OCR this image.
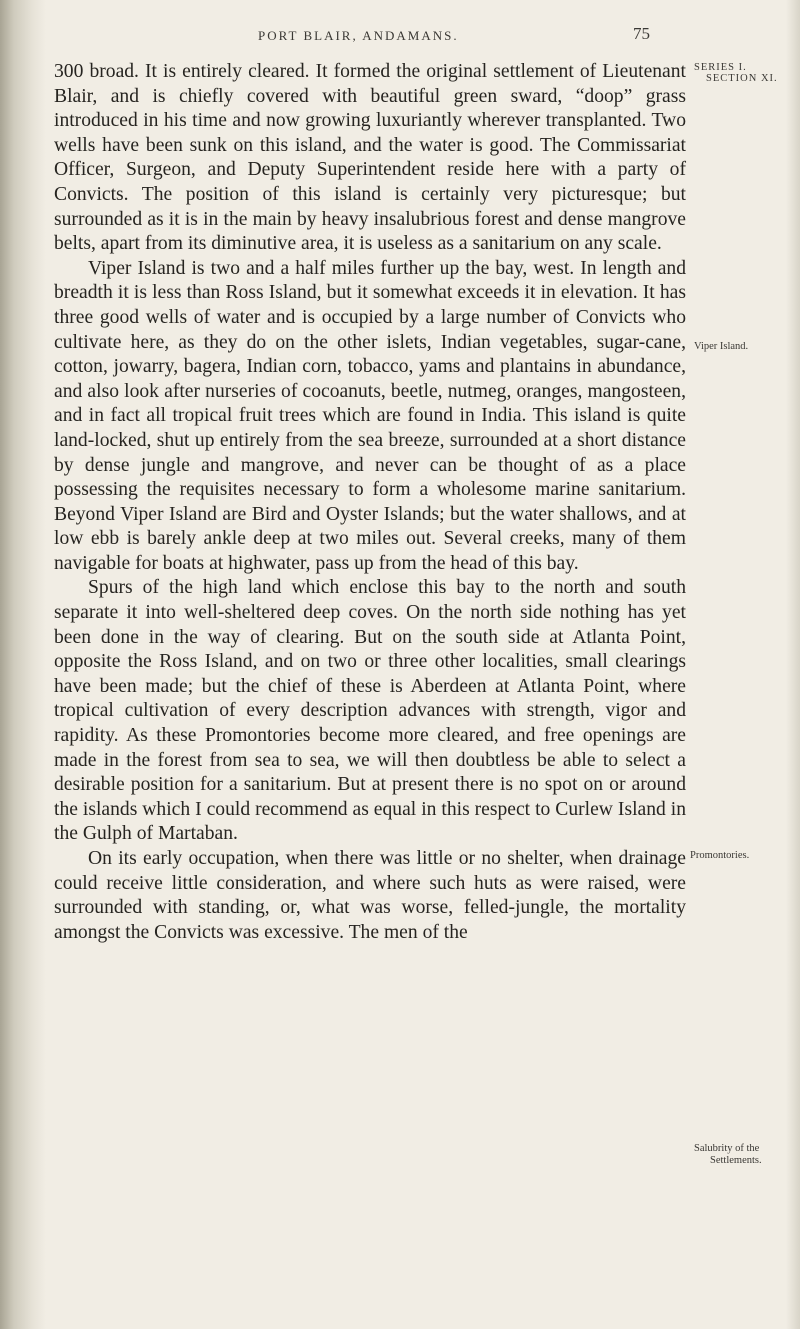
PORT BLAIR, ANDAMANS.	75

300 broad. It is entirely cleared. It formed the original settlement of Lieutenant Blair, and is chiefly covered with beautiful green sward, “doop” grass introduced in his time and now growing luxuriantly wherever transplanted. Two wells have been sunk on this island, and the water is good. The Commissariat Officer, Surgeon, and Deputy Superintendent reside here with a party of Convicts. The position of this island is certainly very picturesque; but surrounded as it is in the main by heavy insalubrious forest and dense mangrove belts, apart from its diminutive area, it is useless as a sanitarium on any scale.

Viper Island is two and a half miles further up the bay, west. In length and breadth it is less than Ross Island, but it somewhat exceeds it in elevation. It has three good wells of water and is occupied by a large number of Convicts who cultivate here, as they do on the other islets, Indian vegetables, sugar-cane, cotton, jowarry, bagera, Indian corn, tobacco, yams and plantains in abundance, and also look after nurseries of cocoanuts, beetle, nutmeg, oranges, mangosteen, and in fact all tropical fruit trees which are found in India. This island is quite land-locked, shut up entirely from the sea breeze, surrounded at a short distance by dense jungle and mangrove, and never can be thought of as a place possessing the requisites necessary to form a wholesome marine sanitarium. Beyond Viper Island are Bird and Oyster Islands; but the water shallows, and at low ebb is barely ankle deep at two miles out. Several creeks, many of them navigable for boats at highwater, pass up from the head of this bay.

Spurs of the high land which enclose this bay to the north and south separate it into well-sheltered deep coves. On the north side nothing has yet been done in the way of clearing. But on the south side at Atlanta Point, opposite the Ross Island, and on two or three other localities, small clearings have been made; but the chief of these is Aberdeen at Atlanta Point, where tropical cultivation of every description advances with strength, vigor and rapidity. As these Promontories become more cleared, and free openings are made in the forest from sea to sea, we will then doubtless be able to select a desirable position for a sanitarium. But at present there is no spot on or around the islands which I could recommend as equal in this respect to Curlew Island in the Gulph of Martaban.

On its early occupation, when there was little or no shelter, when drainage could receive little consideration, and where such huts as were raised, were surrounded with standing, or, what was worse, felled-jungle, the mortality amongst the Convicts was excessive. The men of the

SERIES I.
SECTION XI.
Viper Island.
Promontories.
Salubrity of the
Settlements.
